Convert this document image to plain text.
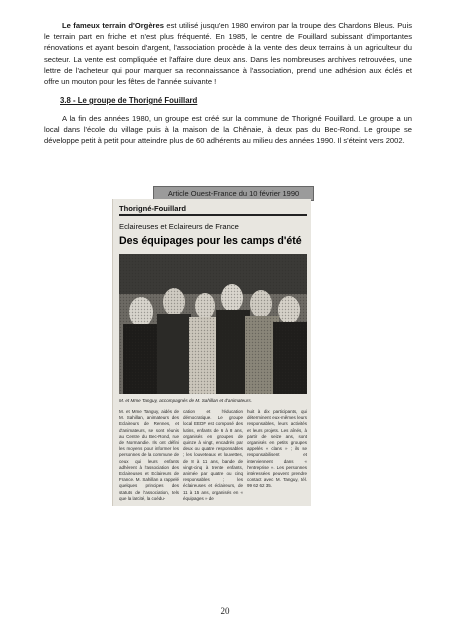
Le fameux terrain d'Orgères est utilisé jusqu'en 1980 environ par la troupe des Chardons Bleus. Puis le terrain part en friche et n'est plus fréquenté. En 1985, le centre de Fouillard subissant d'importantes rénovations et ayant besoin d'argent, l'association procède à la vente des deux terrains à un agriculteur du secteur. La vente est compliquée et l'affaire dure deux ans. Dans les nombreuses archives retrouvées, une lettre de l'acheteur qui pour marquer sa reconnaissance à l'association, prend une adhésion aux éclés et offre un mouton pour les fêtes de l'année suivante !

3.8 - Le groupe de Thorigné Fouillard

A la fin des années 1980, un groupe est créé sur la commune de Thorigné Fouillard. Le groupe a un local dans l'école du village puis à la maison de la Chênaie, à deux pas du Bec-Rond. Le groupe se développe petit à petit pour atteindre plus de 60 adhérents au milieu des années 1990. Il s'éteint vers 2002.

Article Ouest-France du 10 février 1990
Thorigné-Fouillard
Eclaireuses et Eclaireurs de France
Des équipages pour les camps d'été
M. et Mme Tanguy, accompagnés de M. Sahillan et d'animateurs.
M. et Mme Tanguy, aidés de M. Sahillan, animateurs des Eclaireurs de Rennes, et d'animateurs, se sont réunis au Centre du Bec-Rond, rue de Normandie. Ils ont défini les moyens pour informer les personnes de la commune de ceux qui leurs enfants adhèrent à l'association des Eclaireuses et Eclaireurs de France. M. Sahillan a rappelé quelques principes des statuts de l'association, tels que la laïcité, la coédu-
cation et l'éducation démocratique. Le groupe local EEDF est composé des lutins, enfants de 6 à 8 ans, organisés en groupes de quinze à vingt, encadrés par deux ou quatre responsables ; les louveteaux et louvettes, de 8 à 11 ans, bande de vingt-cinq à trente enfants, animée par quatre ou cinq responsables ; les éclaireuses et éclaireurs, de 11 à 15 ans, organisés en « équipages » de
huit à dix participants, qui déterminent eux-mêmes leurs responsables, leurs activités et leurs projets. Les aînés, à partir de seize ans, sont organisés en petits groupes appelés « clans » ; ils se responsabilisent et interviennent dans « l'entreprise ». Les personnes intéressées peuvent prendre contact avec M. Tanguy, tél. 99 62 62 35.
20
